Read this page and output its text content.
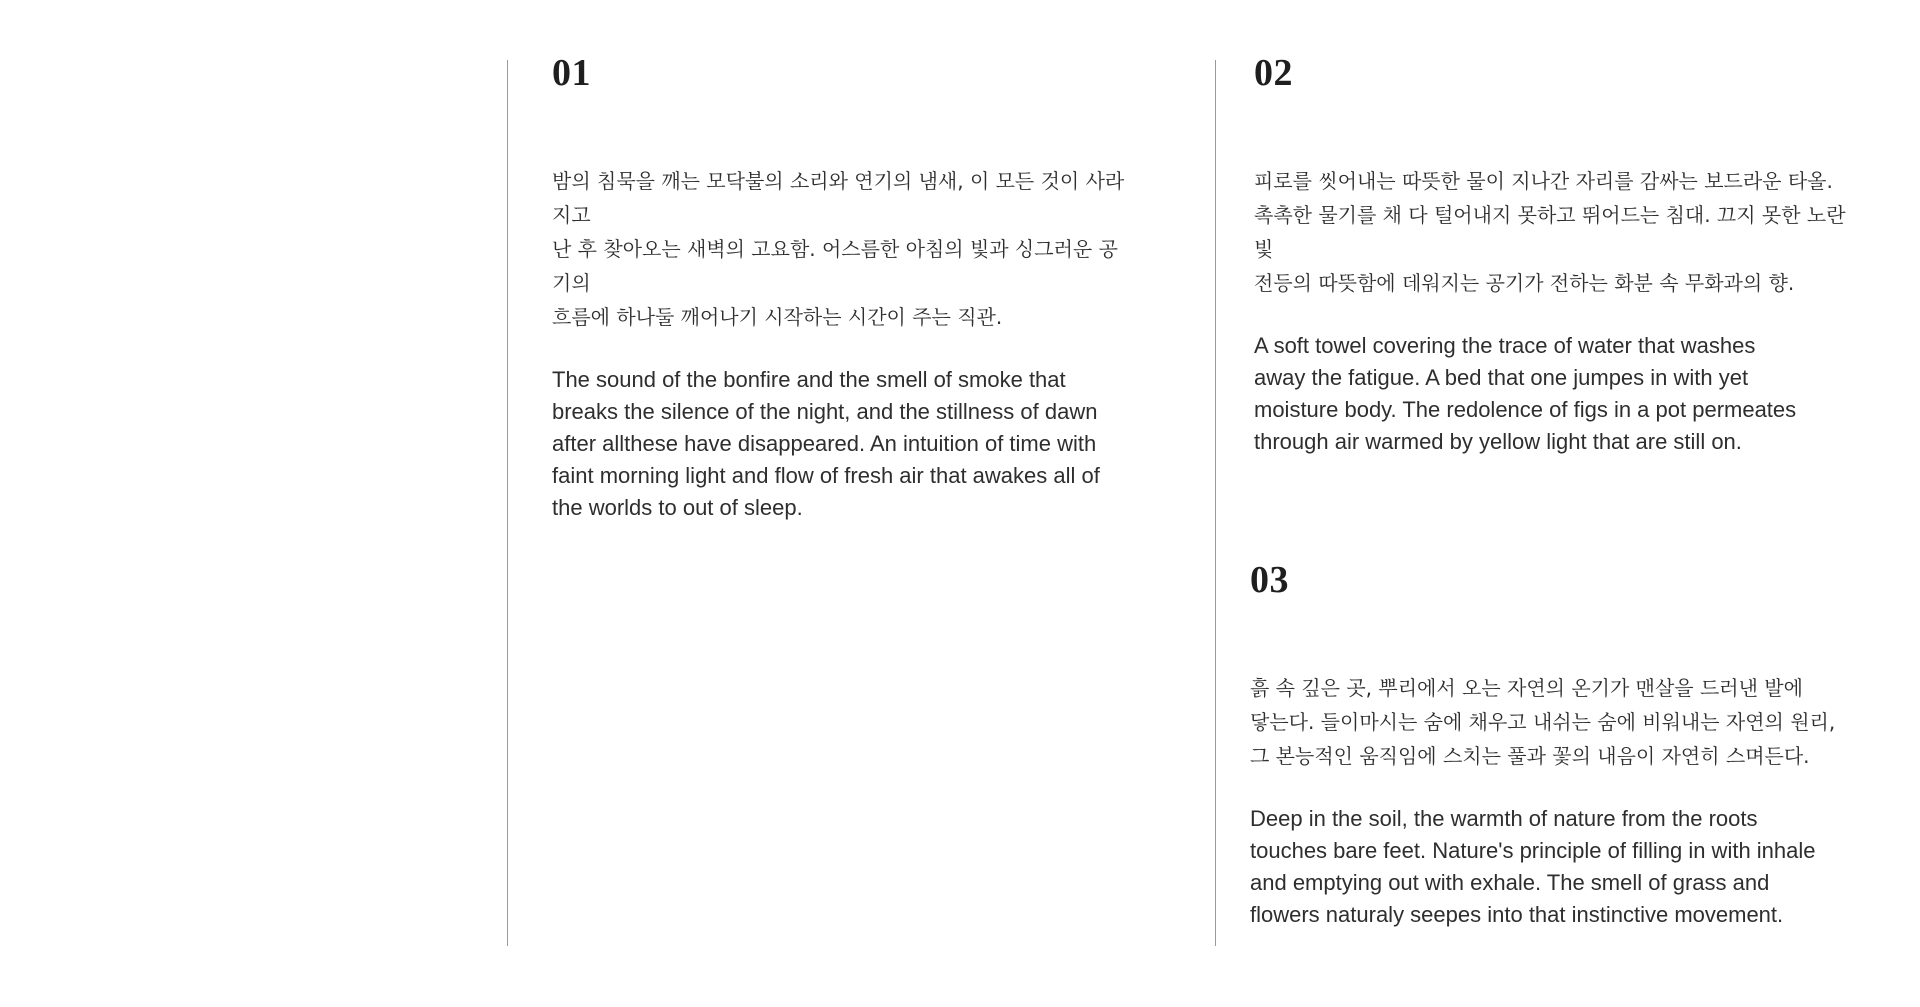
01

밤의 침묵을 깨는 모닥불의 소리와 연기의 냄새, 이 모든 것이 사라지고
난 후 찾아오는 새벽의 고요함. 어스름한 아침의 빛과 싱그러운 공기의
흐름에 하나둘 깨어나기 시작하는 시간이 주는 직관.

The sound of the bonfire and the smell of smoke that
breaks the silence of the night, and the stillness of dawn
after allthese have disappeared. An intuition of time with
faint morning light and flow of fresh air that awakes all of
the worlds to out of sleep.

02

피로를 씻어내는 따뜻한 물이 지나간 자리를 감싸는 보드라운 타올.
촉촉한 물기를 채 다 털어내지 못하고 뛰어드는 침대. 끄지 못한 노란빛
전등의 따뜻함에 데워지는 공기가 전하는 화분 속 무화과의 향.

A soft towel covering the trace of water that washes
away the fatigue. A bed that one jumpes in with yet
moisture body. The redolence of figs in a pot permeates
through air warmed by yellow light that are still on.

03

흙 속 깊은 곳, 뿌리에서 오는 자연의 온기가 맨살을 드러낸 발에
닿는다. 들이마시는 숨에 채우고 내쉬는 숨에 비워내는 자연의 원리,
그 본능적인 움직임에 스치는 풀과 꽃의 내음이 자연히 스며든다.

Deep in the soil, the warmth of nature from the roots
touches bare feet. Nature's principle of filling in with inhale
and emptying out with exhale. The smell of grass and
flowers naturaly seepes into that instinctive movement.
